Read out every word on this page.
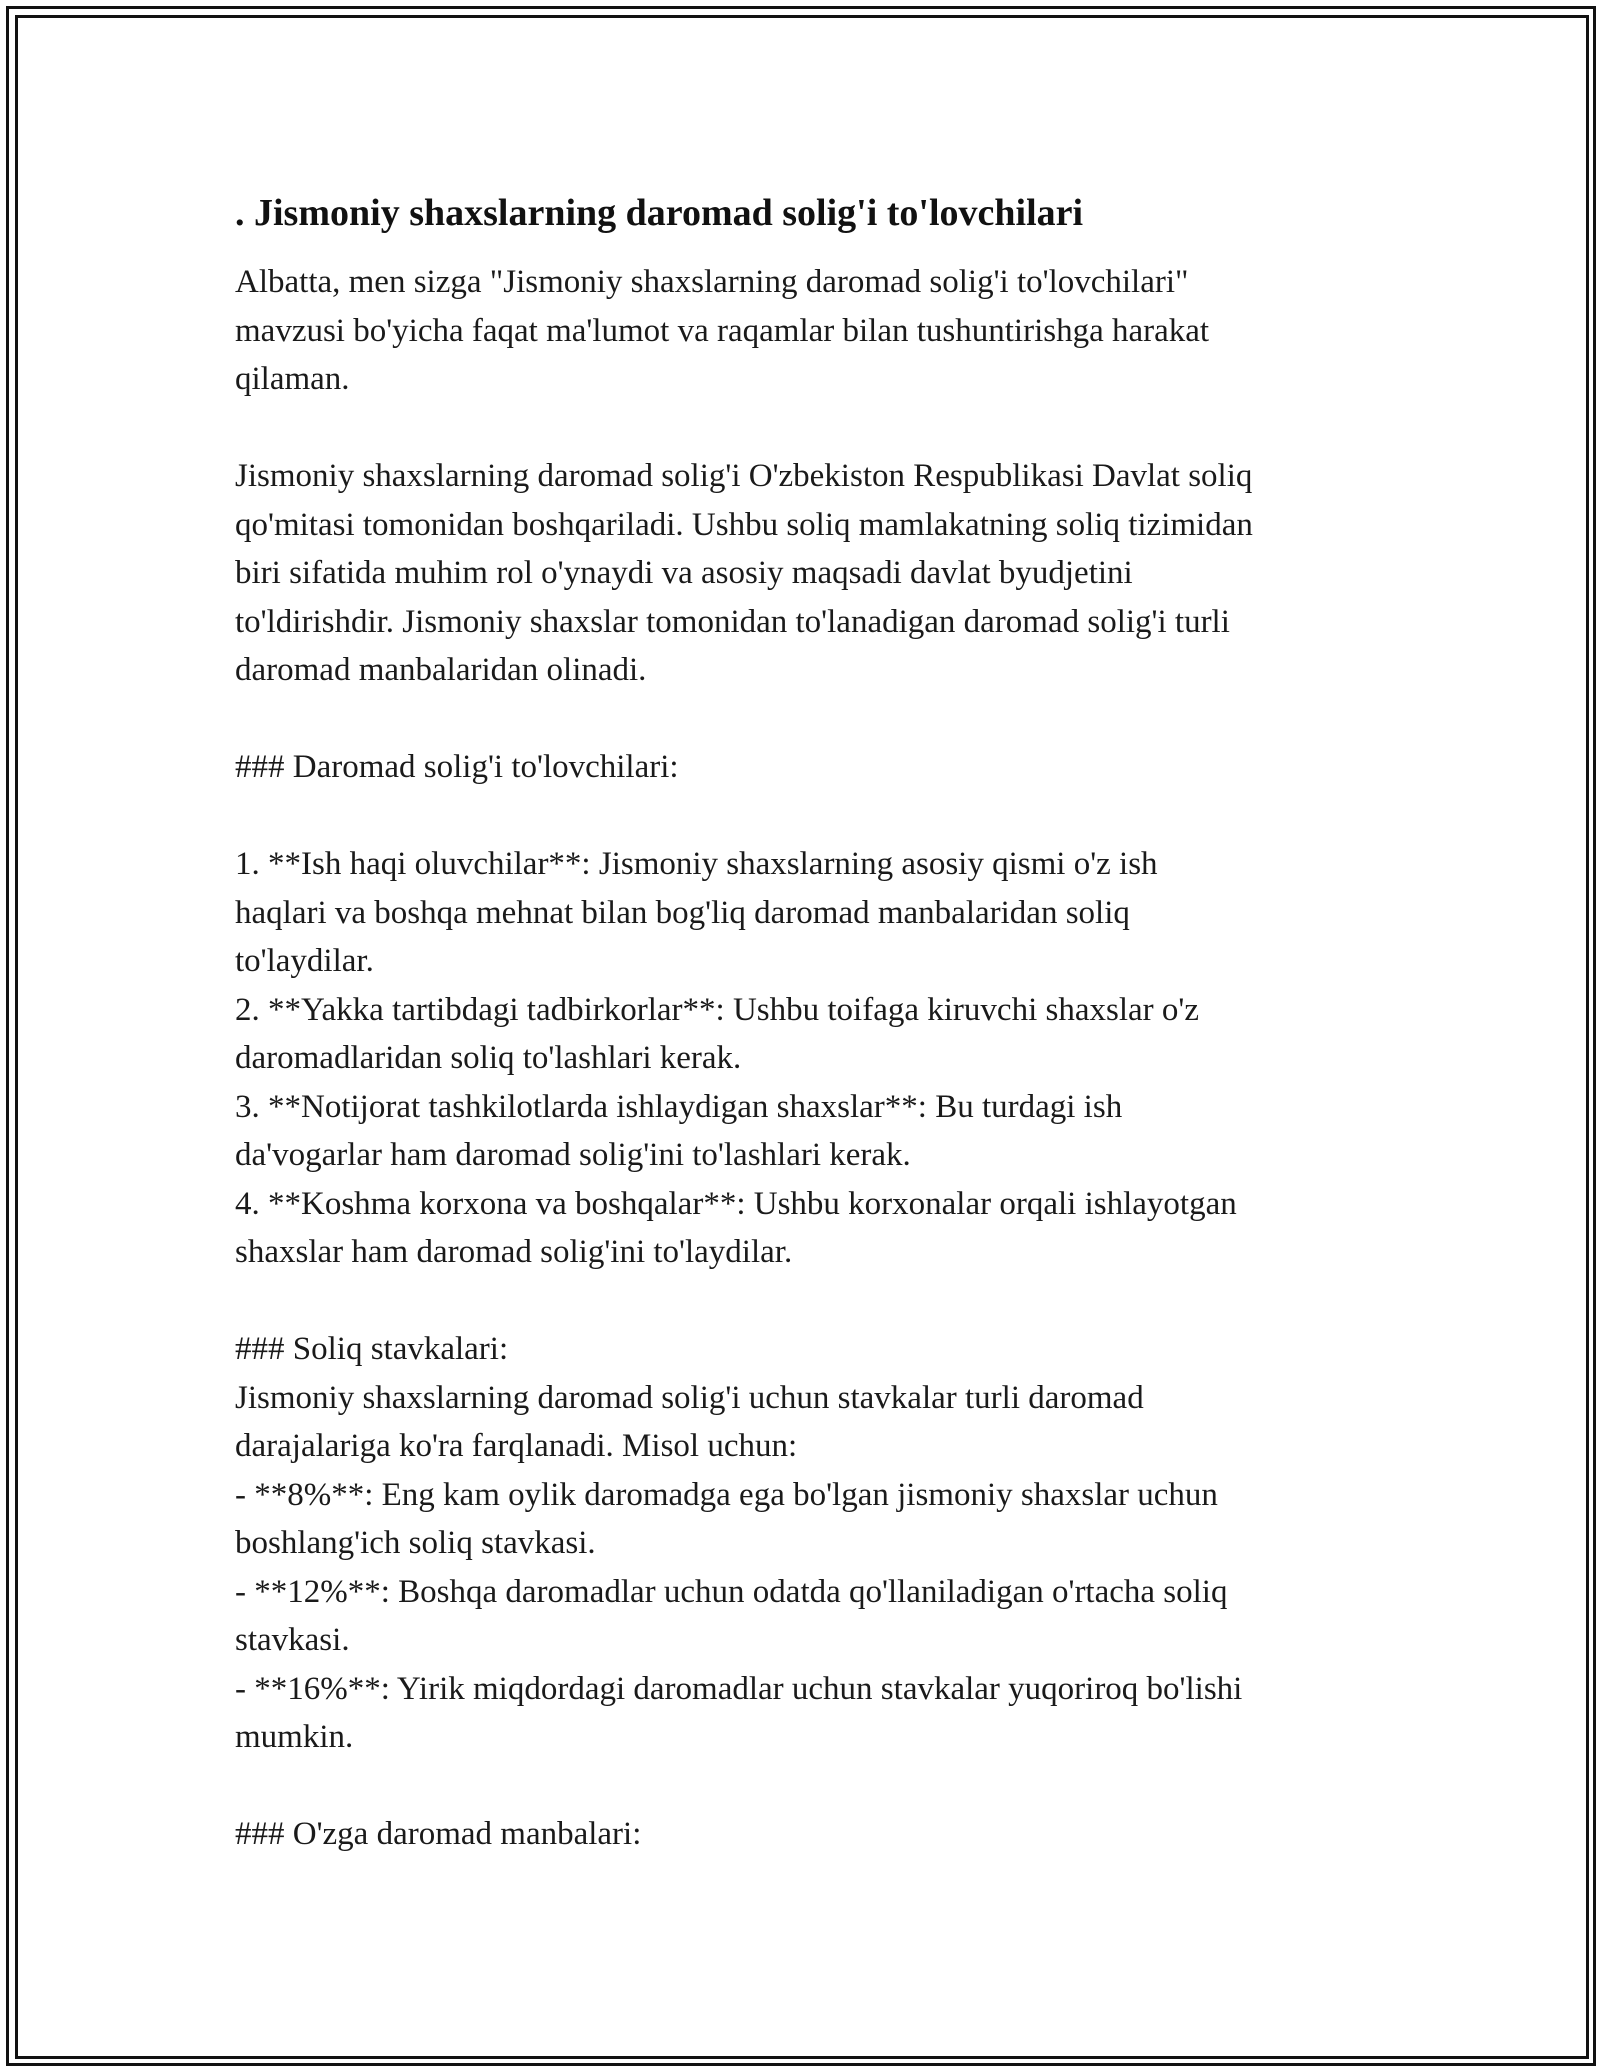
. Jismoniy shaxslarning daromad solig'i to'lovchilari
Albatta, men sizga "Jismoniy shaxslarning daromad solig'i to'lovchilari"
mavzusi bo'yicha faqat ma'lumot va raqamlar bilan tushuntirishga harakat
qilaman.
Jismoniy shaxslarning daromad solig'i O'zbekiston Respublikasi Davlat soliq
qo'mitasi tomonidan boshqariladi. Ushbu soliq mamlakatning soliq tizimidan
biri sifatida muhim rol o'ynaydi va asosiy maqsadi davlat byudjetini
to'ldirishdir. Jismoniy shaxslar tomonidan to'lanadigan daromad solig'i turli
daromad manbalaridan olinadi.
### Daromad solig'i to'lovchilari:
1. **Ish haqi oluvchilar**: Jismoniy shaxslarning asosiy qismi o'z ish
haqlari va boshqa mehnat bilan bog'liq daromad manbalaridan soliq
to'laydilar.
2. **Yakka tartibdagi tadbirkorlar**: Ushbu toifaga kiruvchi shaxslar o'z
daromadlaridan soliq to'lashlari kerak.
3. **Notijorat tashkilotlarda ishlaydigan shaxslar**: Bu turdagi ish
da'vogarlar ham daromad solig'ini to'lashlari kerak.
4. **Koshma korxona va boshqalar**: Ushbu korxonalar orqali ishlayotgan
shaxslar ham daromad solig'ini to'laydilar.
### Soliq stavkalari:
Jismoniy shaxslarning daromad solig'i uchun stavkalar turli daromad
darajalariga ko'ra farqlanadi. Misol uchun:
- **8%**: Eng kam oylik daromadga ega bo'lgan jismoniy shaxslar uchun
boshlang'ich soliq stavkasi.
- **12%**: Boshqa daromadlar uchun odatda qo'llaniladigan o'rtacha soliq
stavkasi.
- **16%**: Yirik miqdordagi daromadlar uchun stavkalar yuqoriroq bo'lishi
mumkin.
### O'zga daromad manbalari:
